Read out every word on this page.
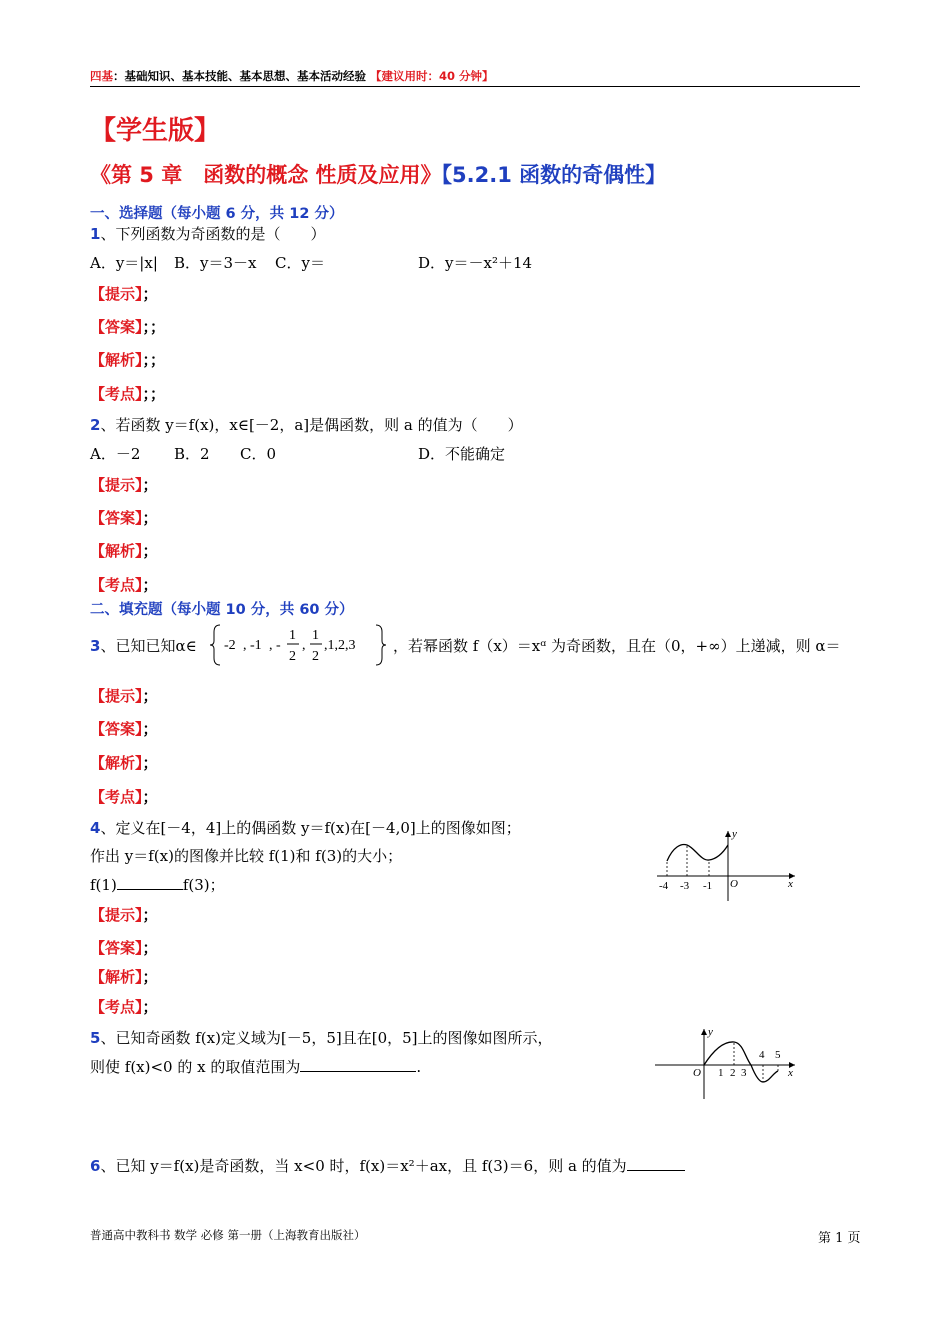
四基：基础知识、基本技能、基本思想、基本活动经验 【建议用时：40 分钟】
【学生版】
《第 5 章　函数的概念 性质及应用》【5.2.1 函数的奇偶性】
一、选择题（每小题 6 分，共 12 分）
1、下列函数为奇函数的是（　　）
A．y＝|x| B．y＝3－x C．y＝	D．y＝－x²＋14
【提示】；
【答案】；；
【解析】；；
【考点】；；
2、若函数 y＝f(x)，x∈[－2，a]是偶函数，则 a 的值为（　　）
A．－2 B．2 C．0	D．不能确定
【提示】；
【答案】；
【解析】；
【考点】；
二、填充题（每小题 10 分，共 60 分）
3、已知已知α∈ -2 , -1 , -
1
2
,
1
2
,1,2,3	，若幂函数 f（x）＝xᵅ 为奇函数，且在（0，+∞）上递减，则 α＝
【提示】；
【答案】；
【解析】；
【考点】；
4、定义在[－4，4]上的偶函数 y＝f(x)在[－4,0]上的图像如图；
作出 y＝f(x)的图像并比较 f(1)和 f(3)的大小；
f(1)	f(3)；	-4 -3 -1 O	x
y
【提示】；
【答案】；
【解析】；
【考点】；
5、已知奇函数 f(x)定义域为[－5，5]且在[0，5]上的图像如图所示，
则使 f(x)<0 的 x 的取值范围为	.	1 2 3
4 5
O	x
y
6、已知 y＝f(x)是奇函数，当 x<0 时，f(x)＝x²＋ax，且 f(3)＝6，则 a 的值为
普通高中教科书 数学 必修 第一册（上海教育出版社）	第 1 页
